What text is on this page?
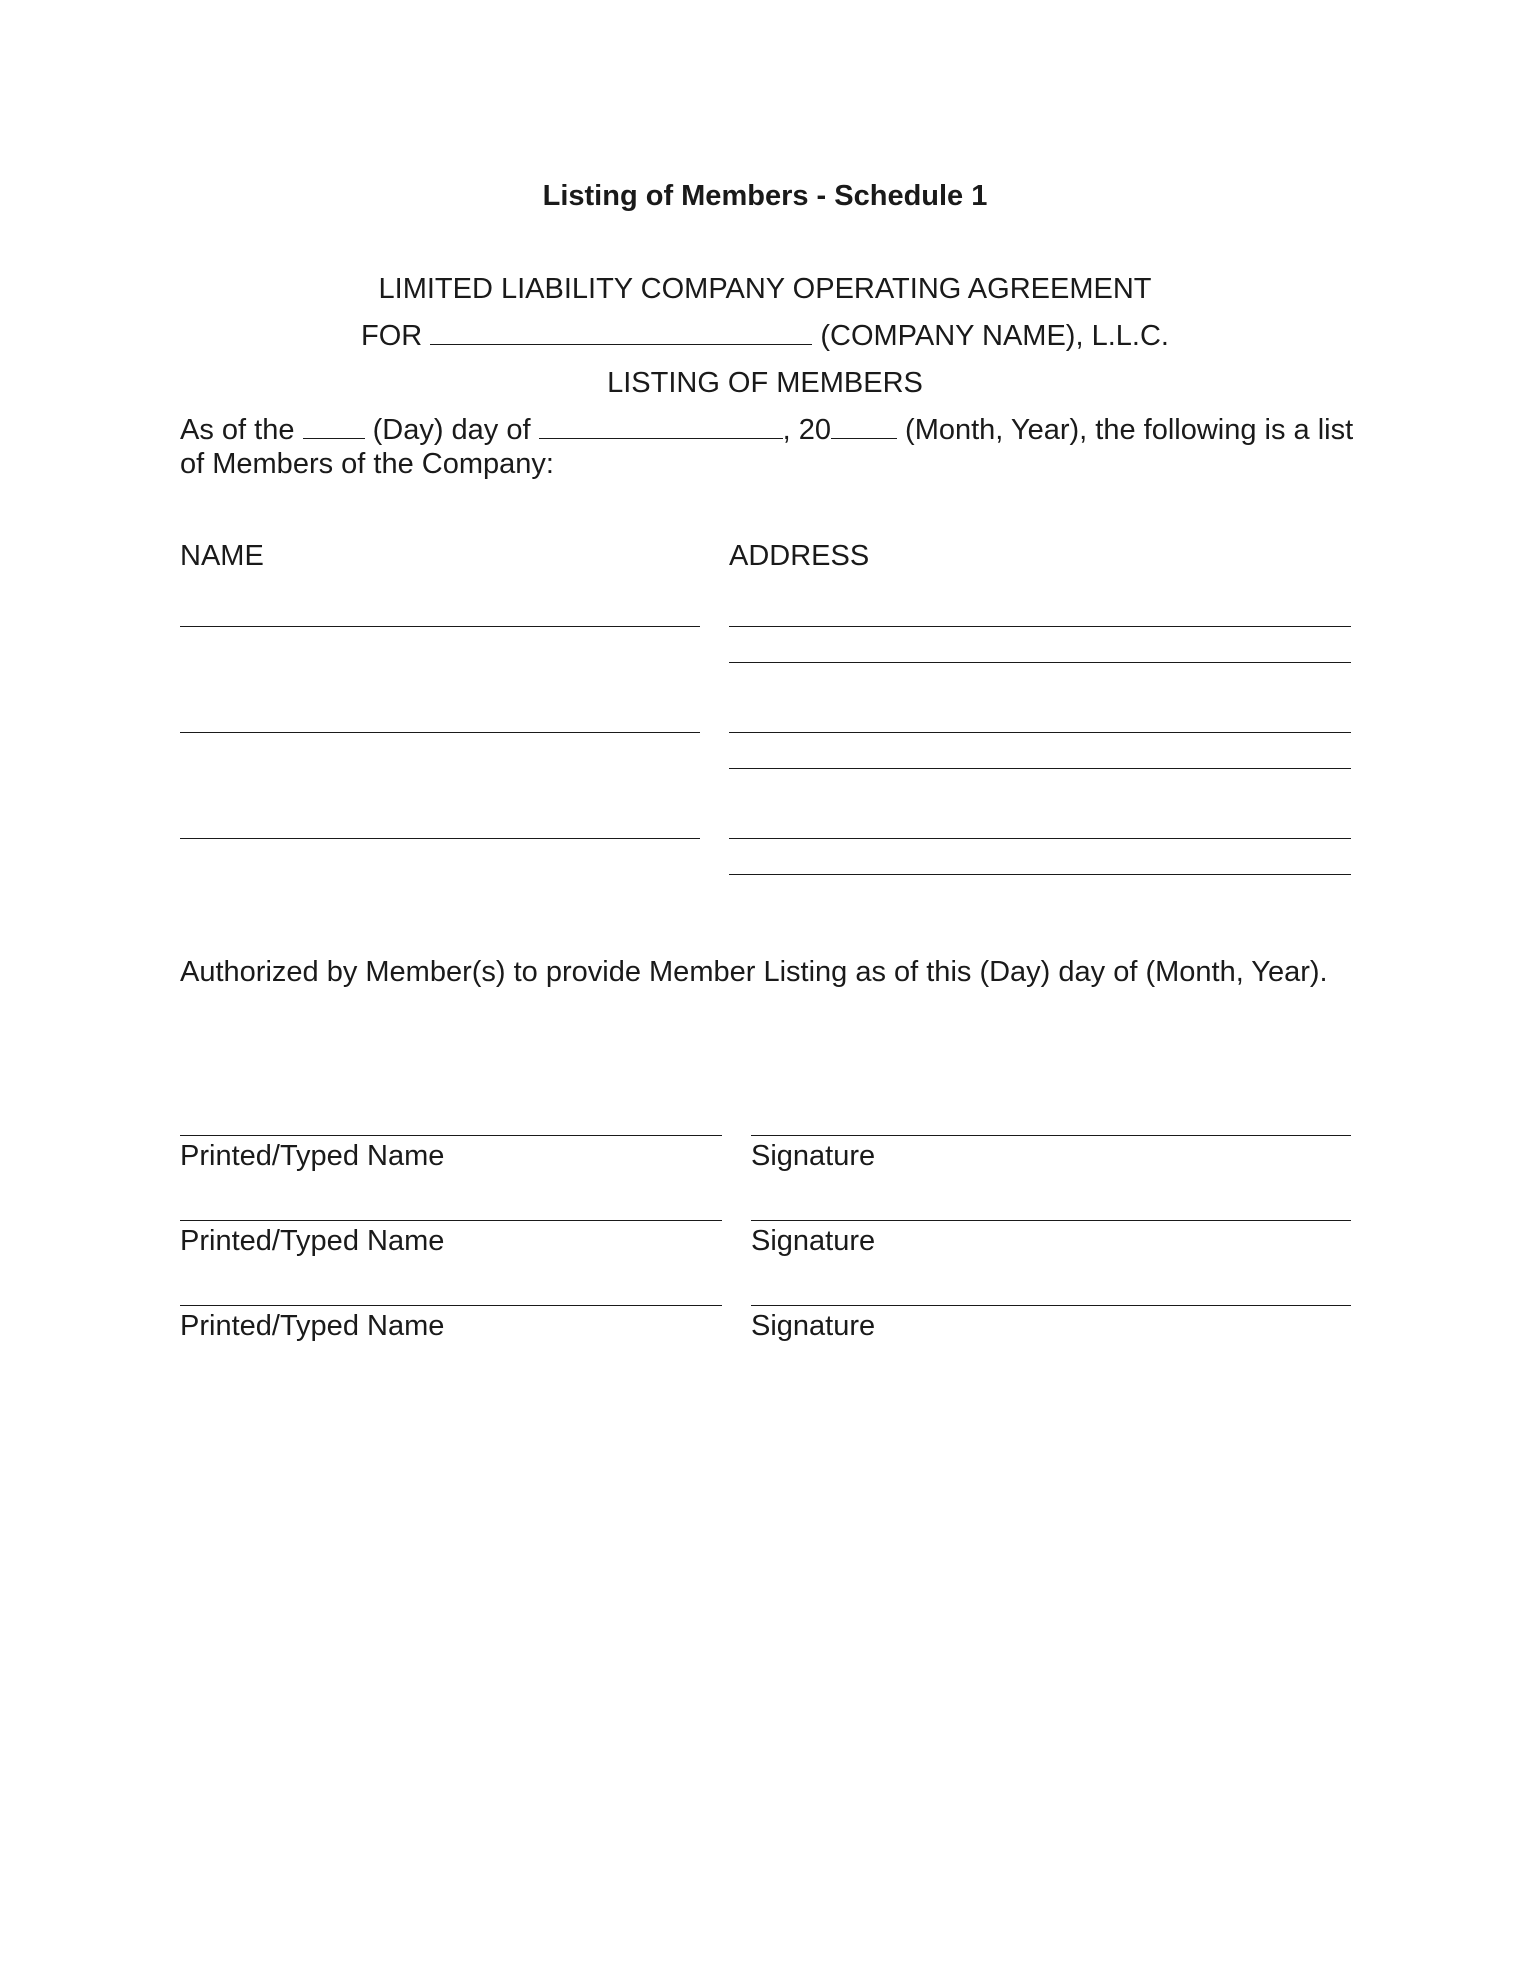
Listing of Members - Schedule 1
LIMITED LIABILITY COMPANY OPERATING AGREEMENT
FOR	(COMPANY NAME), L.L.C.
LISTING OF MEMBERS
As of the	(Day) day of	, 20	(Month, Year), the following is a list of Members of the Company:
NAME	ADDRESS
Authorized by Member(s) to provide Member Listing as of this (Day) day of (Month, Year).
Printed/Typed Name	Signature
Printed/Typed Name	Signature
Printed/Typed Name	Signature
